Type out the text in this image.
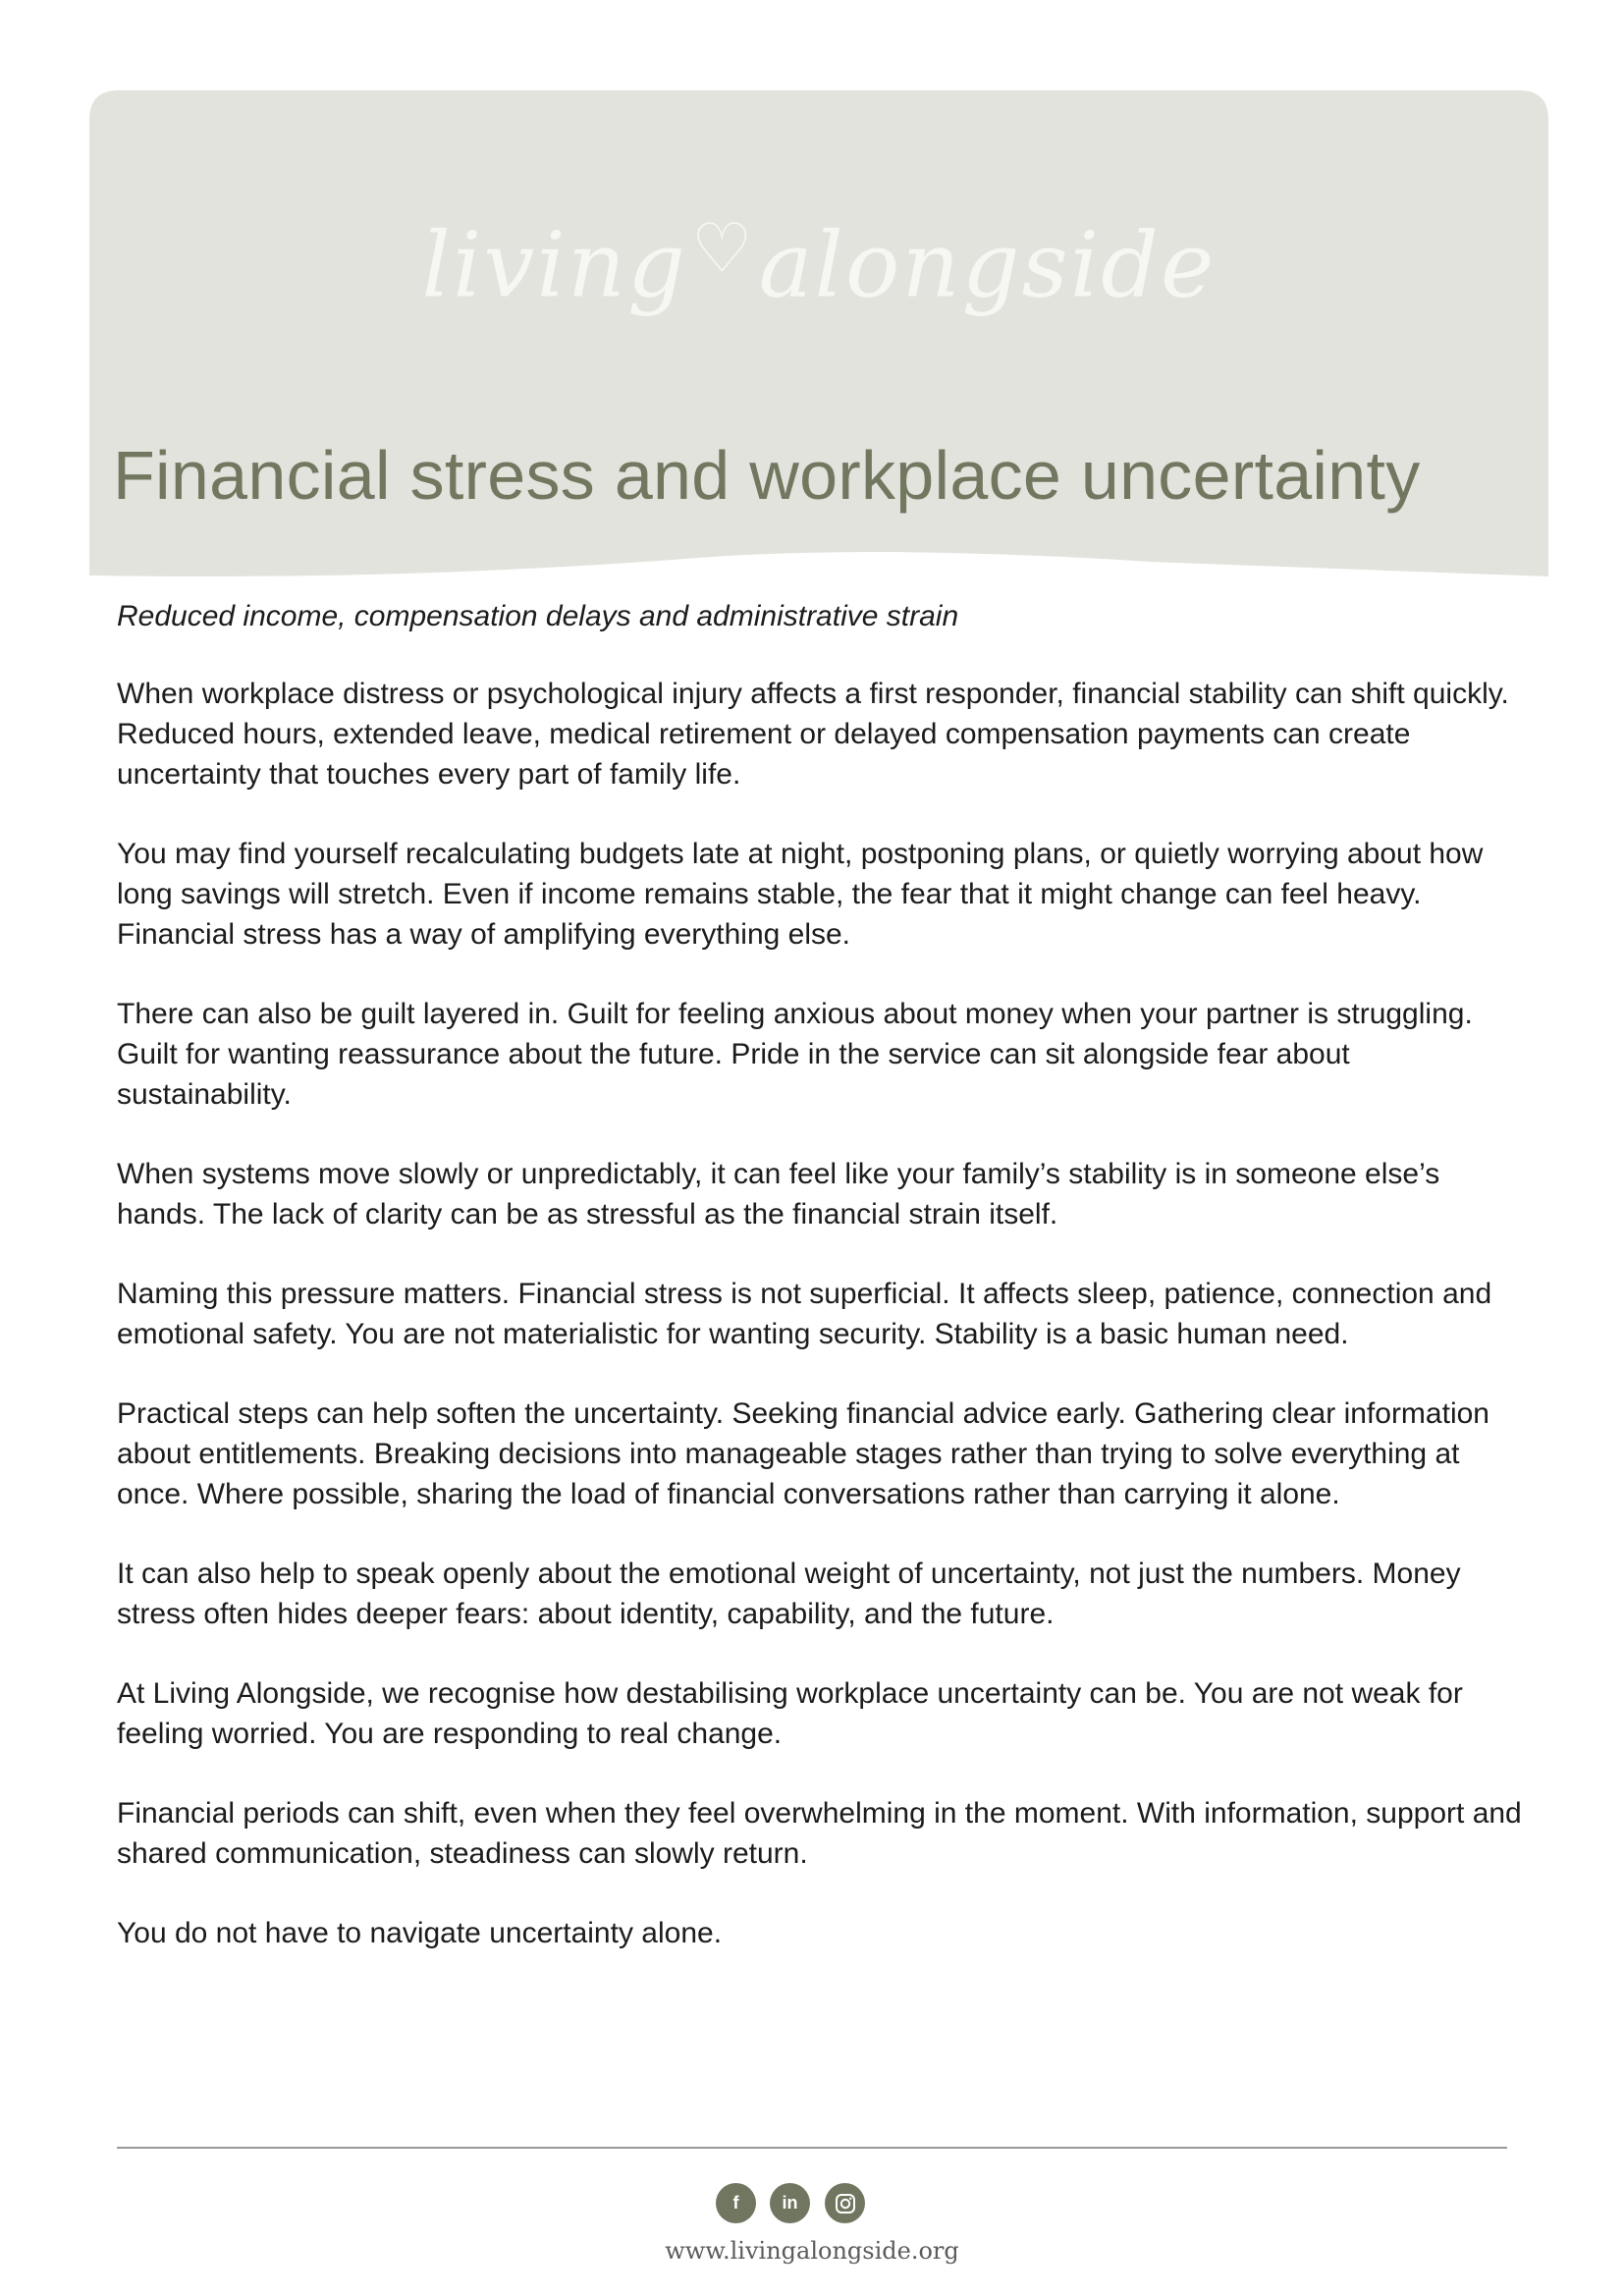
living♡alongside
Financial stress and workplace uncertainty

Reduced income, compensation delays and administrative strain

When workplace distress or psychological injury affects a first responder, financial stability can shift quickly. Reduced hours, extended leave, medical retirement or delayed compensation payments can create uncertainty that touches every part of family life.

You may find yourself recalculating budgets late at night, postponing plans, or quietly worrying about how long savings will stretch. Even if income remains stable, the fear that it might change can feel heavy. Financial stress has a way of amplifying everything else.

There can also be guilt layered in. Guilt for feeling anxious about money when your partner is struggling. Guilt for wanting reassurance about the future. Pride in the service can sit alongside fear about sustainability.

When systems move slowly or unpredictably, it can feel like your family’s stability is in someone else’s hands. The lack of clarity can be as stressful as the financial strain itself.

Naming this pressure matters. Financial stress is not superficial. It affects sleep, patience, connection and emotional safety. You are not materialistic for wanting security. Stability is a basic human need.

Practical steps can help soften the uncertainty. Seeking financial advice early. Gathering clear information about entitlements. Breaking decisions into manageable stages rather than trying to solve everything at once. Where possible, sharing the load of financial conversations rather than carrying it alone.

It can also help to speak openly about the emotional weight of uncertainty, not just the numbers. Money stress often hides deeper fears: about identity, capability, and the future.

At Living Alongside, we recognise how destabilising workplace uncertainty can be. You are not weak for feeling worried. You are responding to real change.

Financial periods can shift, even when they feel overwhelming in the moment. With information, support and shared communication, steadiness can slowly return.

You do not have to navigate uncertainty alone.

f in
www.livingalongside.org
